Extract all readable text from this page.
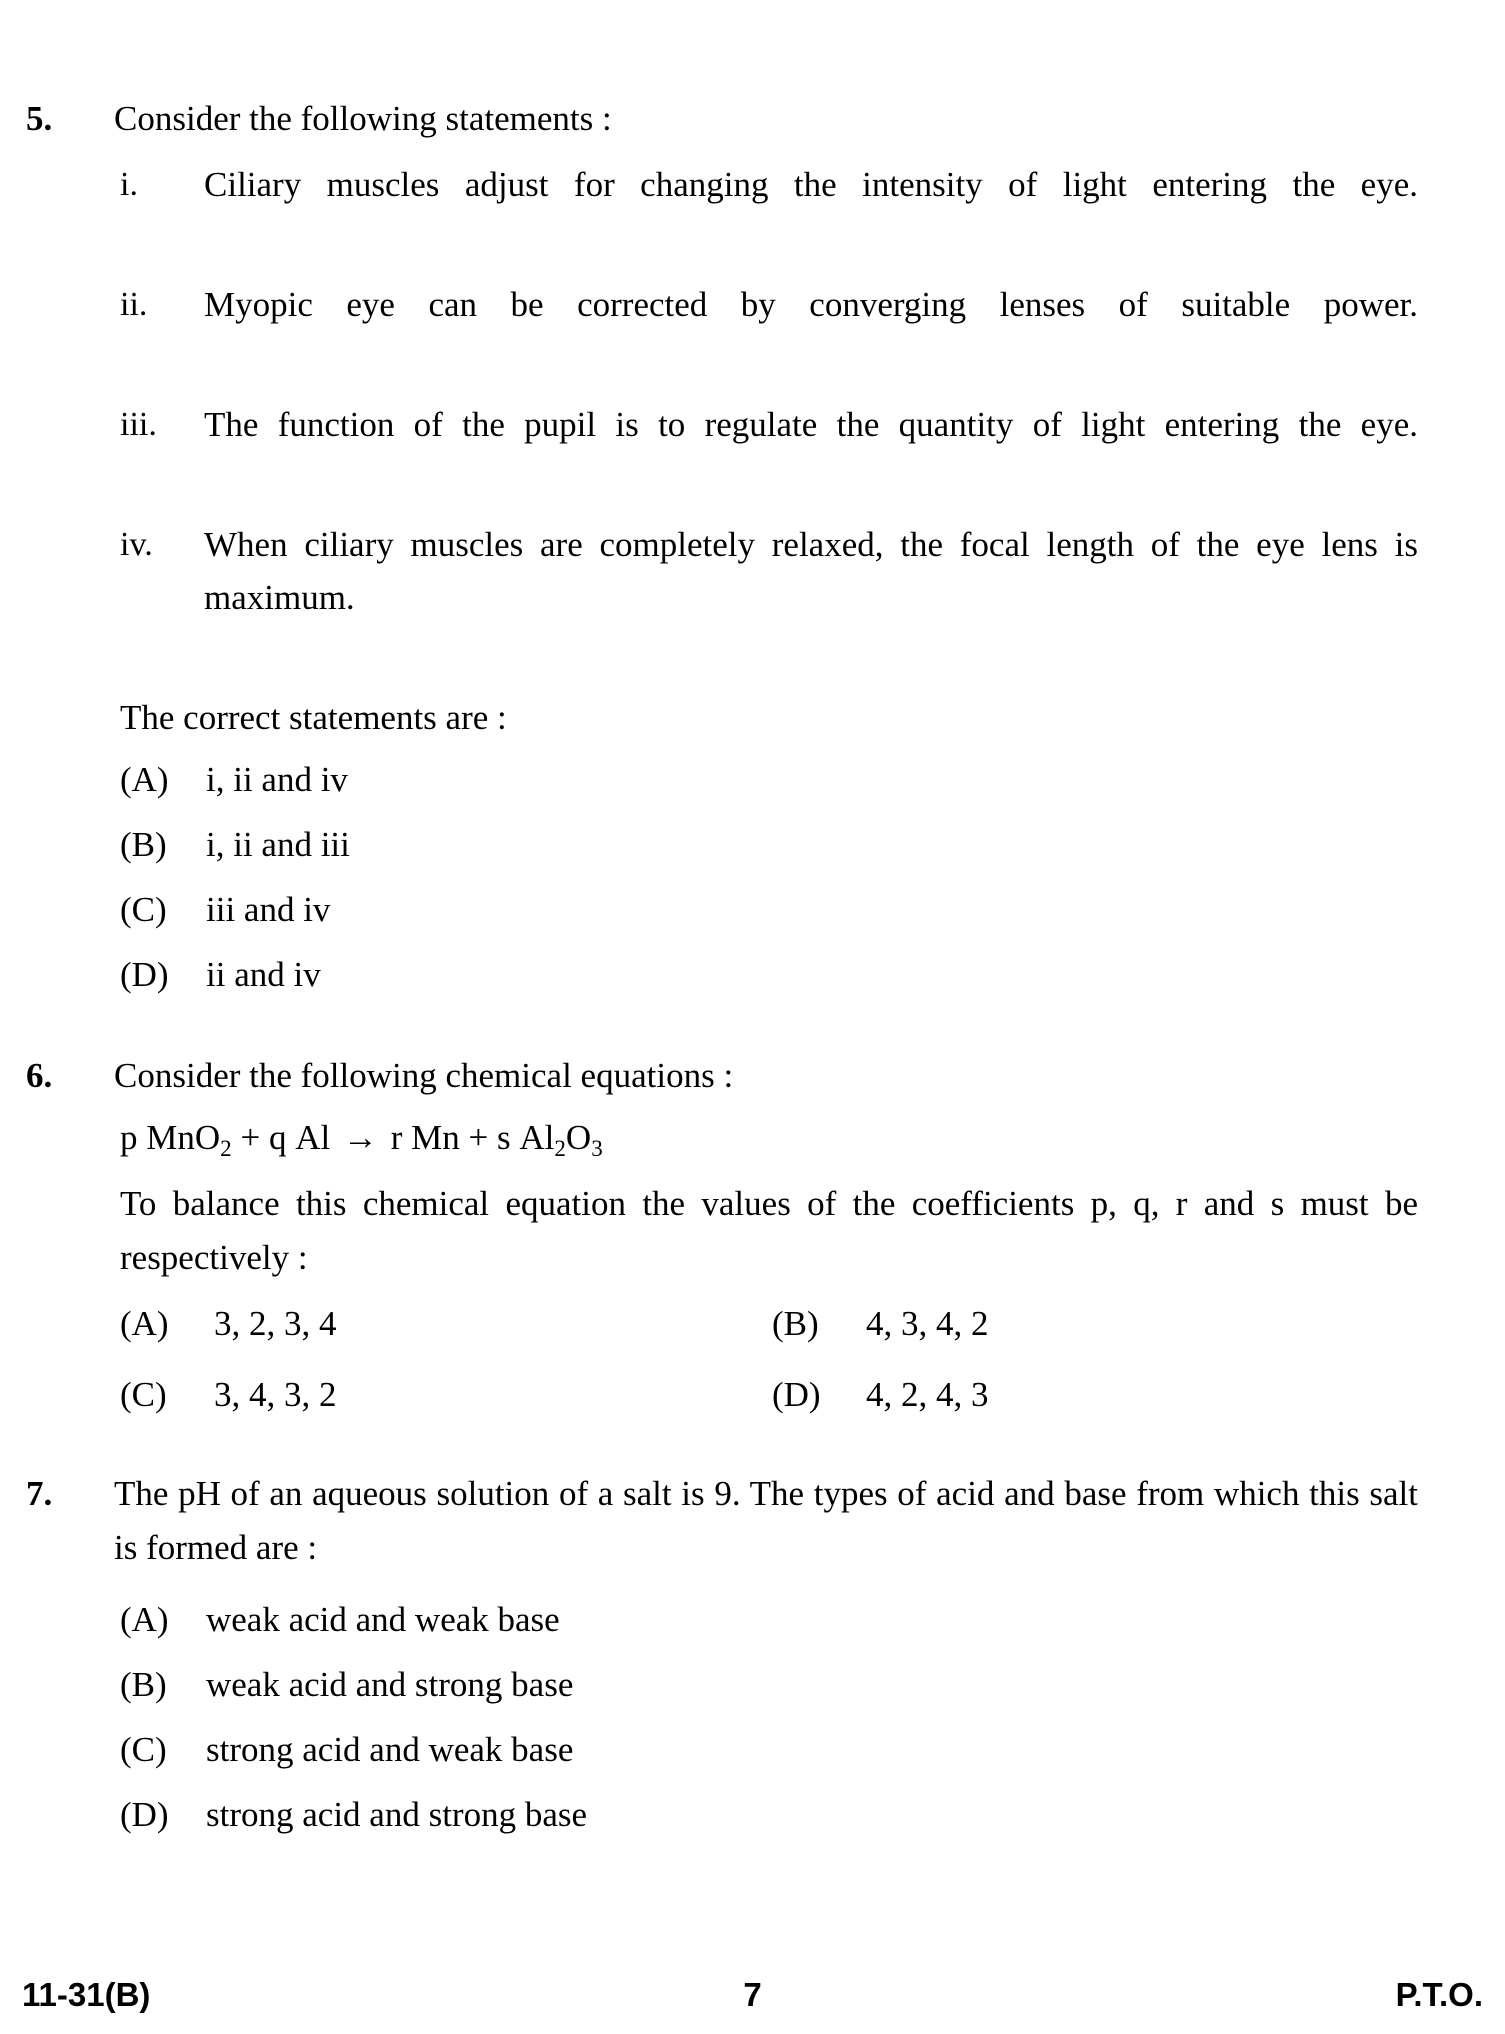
5.	Consider the following statements :
i.	Ciliary muscles adjust for changing the intensity of light entering the eye.
ii.	Myopic eye can be corrected by converging lenses of suitable power.
iii.	The function of the pupil is to regulate the quantity of light entering the eye.
iv.	When ciliary muscles are completely relaxed, the focal length of the eye lens is maximum.
The correct statements are :
(A)	i, ii and iv
(B)	i, ii and iii
(C)	iii and iv
(D)	ii and iv
6.	Consider the following chemical equations :
p MnO$_2$ + q Al → r Mn + s $Al_2O_3$
To balance this chemical equation the values of the coefficients p, q, r and s must be respectively :
(A)	3, 2, 3, 4	(B)	4, 3, 4, 2
(C)	3, 4, 3, 2	(D)	4, 2, 4, 3
7.	The pH of an aqueous solution of a salt is 9. The types of acid and base from which this salt is formed are :
(A)	weak acid and weak base
(B)	weak acid and strong base
(C)	strong acid and weak base
(D)	strong acid and strong base
11-31(B)	7	P.T.O.
